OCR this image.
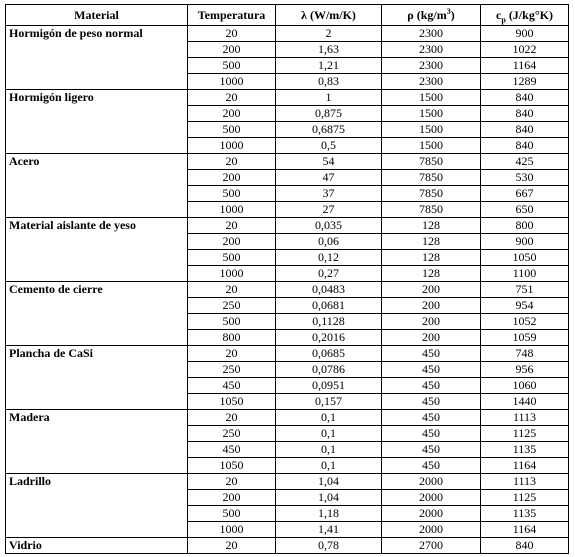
Material	Temperatura	λ (W/m/K)	ρ $(kg/m^3)$	$c_p$ (J/kg°K)
Hormigón de peso normal	20	2	2300	900
	200	1,63	2300	1022
	500	1,21	2300	1164
	1000	0,83	2300	1289
Hormigón ligero	20	1	1500	840
	200	0,875	1500	840
	500	0,6875	1500	840
	1000	0,5	1500	840
Acero	20	54	7850	425
	200	47	7850	530
	500	37	7850	667
	1000	27	7850	650
Material aislante de yeso	20	0,035	128	800
	200	0,06	128	900
	500	0,12	128	1050
	1000	0,27	128	1100
Cemento de cierre	20	0,0483	200	751
	250	0,0681	200	954
	500	0,1128	200	1052
	800	0,2016	200	1059
Plancha de CaSi	20	0,0685	450	748
	250	0,0786	450	956
	450	0,0951	450	1060
	1050	0,157	450	1440
Madera	20	0,1	450	1113
	250	0,1	450	1125
	450	0,1	450	1135
	1050	0,1	450	1164
Ladrillo	20	1,04	2000	1113
	200	1,04	2000	1125
	500	1,18	2000	1135
	1000	1,41	2000	1164
Vidrio	20	0,78	2700	840
